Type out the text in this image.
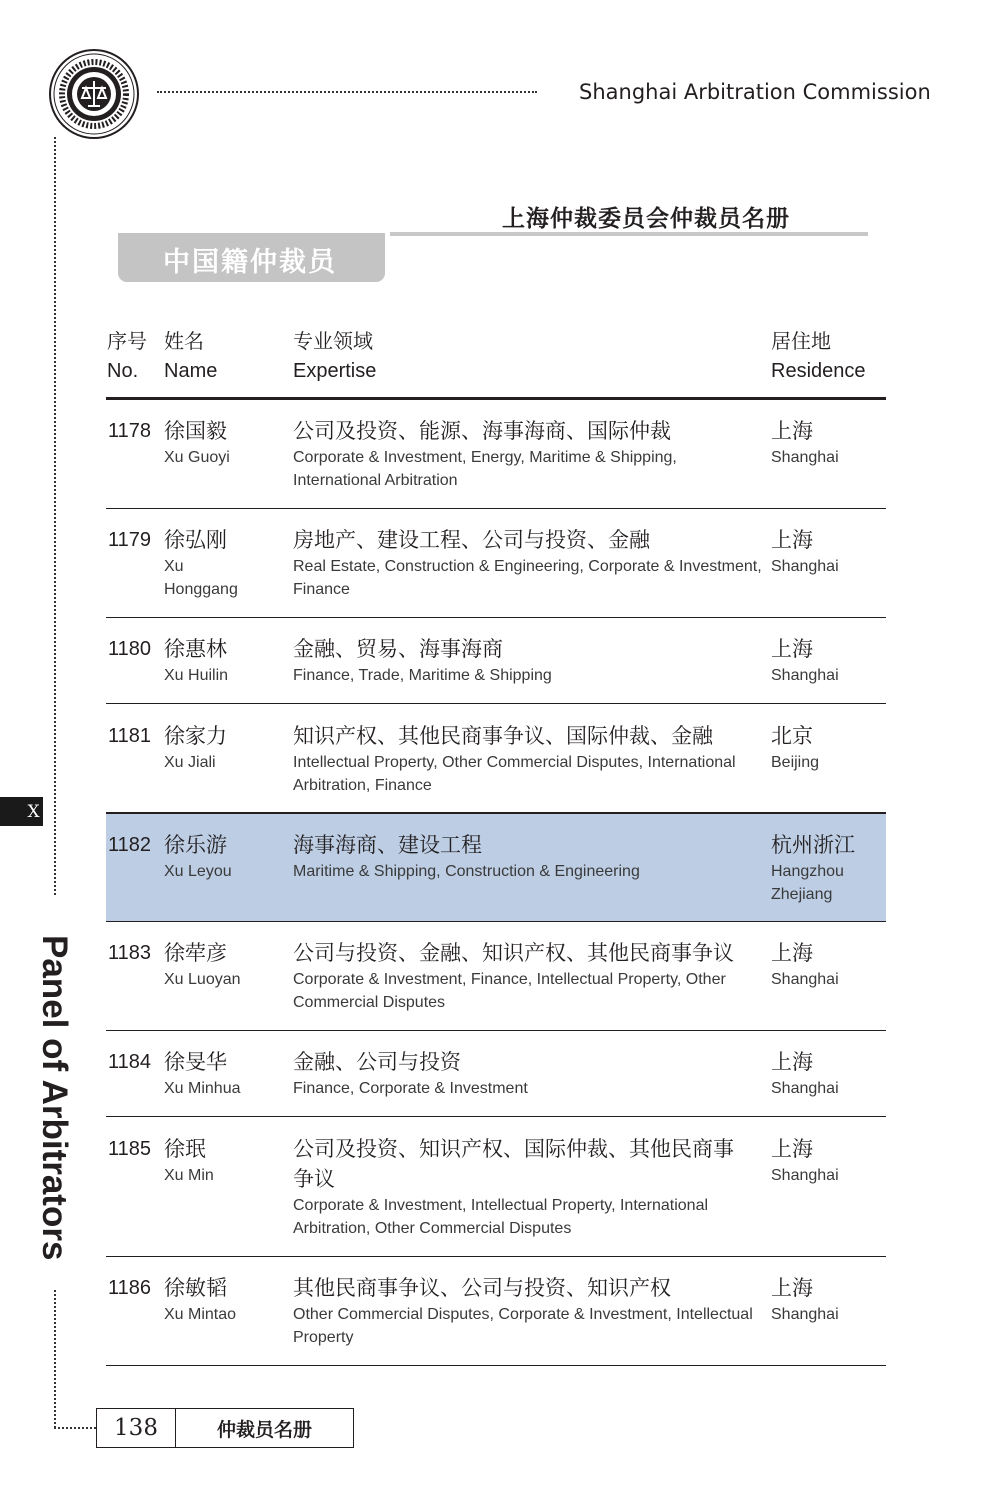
Shanghai Arbitration Commission
X
Panel of Arbitrators
上海仲裁委员会仲裁员名册
中国籍仲裁员
序号
No.
姓名
Name
专业领域
Expertise
居住地
Residence
1178 徐国毅
Xu Guoyi
公司及投资、能源、海事海商、国际仲裁
Corporate & Investment, Energy, Maritime & Shipping, International Arbitration
上海
Shanghai
1179 徐弘刚
Xu Honggang
房地产、建设工程、公司与投资、金融
Real Estate, Construction & Engineering, Corporate & Investment, Finance
上海
Shanghai
1180 徐惠林
Xu Huilin
金融、贸易、海事海商
Finance, Trade, Maritime & Shipping
上海
Shanghai
1181 徐家力
Xu Jiali
知识产权、其他民商事争议、国际仲裁、金融
Intellectual Property, Other Commercial Disputes, International Arbitration, Finance
北京
Beijing
1182 徐乐游
Xu Leyou
海事海商、建设工程
Maritime & Shipping, Construction & Engineering
杭州浙江
Hangzhou Zhejiang
1183 徐荦彦
Xu Luoyan
公司与投资、金融、知识产权、其他民商事争议
Corporate & Investment, Finance, Intellectual Property, Other Commercial Disputes
上海
Shanghai
1184 徐旻华
Xu Minhua
金融、公司与投资
Finance, Corporate & Investment
上海
Shanghai
1185 徐珉
Xu Min
公司及投资、知识产权、国际仲裁、其他民商事争议
Corporate & Investment, Intellectual Property, International Arbitration, Other Commercial Disputes
上海
Shanghai
1186 徐敏韬
Xu Mintao
其他民商事争议、公司与投资、知识产权
Other Commercial Disputes, Corporate & Investment, Intellectual Property
上海
Shanghai
138	仲裁员名册
